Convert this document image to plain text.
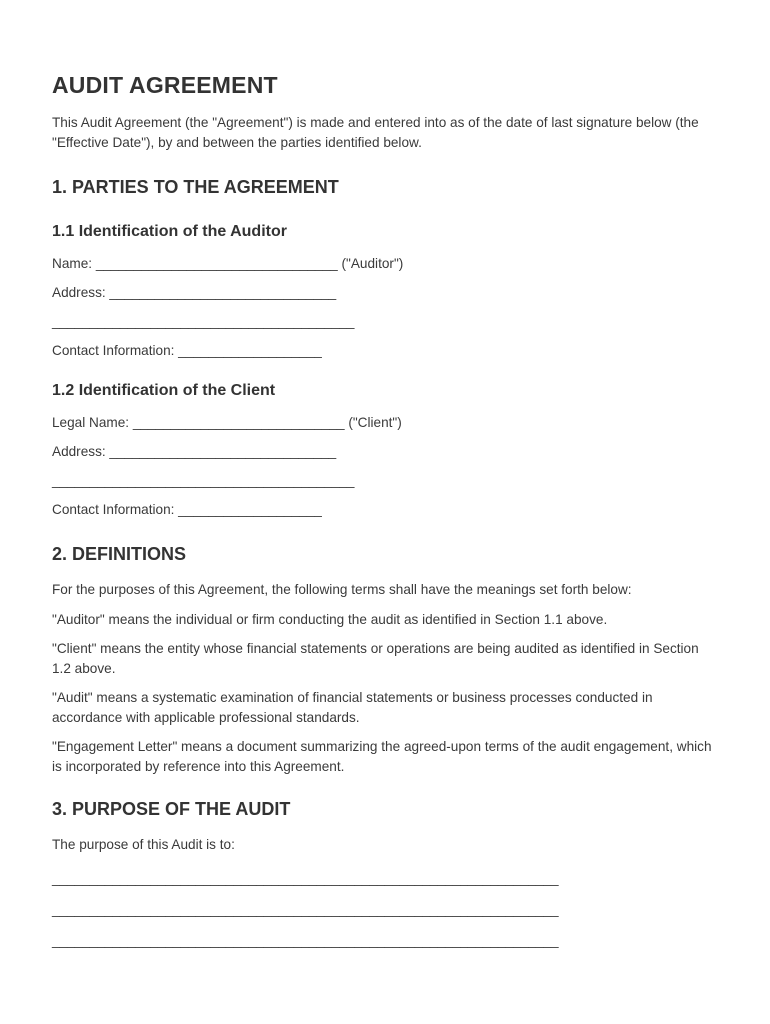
AUDIT AGREEMENT

This Audit Agreement (the "Agreement") is made and entered into as of the date of last signature below (the "Effective Date"), by and between the parties identified below.

1. PARTIES TO THE AGREEMENT
1.1 Identification of the Auditor
Name: ________________________________ ("Auditor")
Address: ______________________________
________________________________________
Contact Information: ___________________
1.2 Identification of the Client
Legal Name: ____________________________ ("Client")
Address: ______________________________
________________________________________
Contact Information: ___________________
2. DEFINITIONS

For the purposes of this Agreement, the following terms shall have the meanings set forth below:

"Auditor" means the individual or firm conducting the audit as identified in Section 1.1 above.

"Client" means the entity whose financial statements or operations are being audited as identified in Section 1.2 above.

"Audit" means a systematic examination of financial statements or business processes conducted in accordance with applicable professional standards.

"Engagement Letter" means a document summarizing the agreed-upon terms of the audit engagement, which is incorporated by reference into this Agreement.

3. PURPOSE OF THE AUDIT

The purpose of this Audit is to:

___________________________________________________________________
___________________________________________________________________
___________________________________________________________________
